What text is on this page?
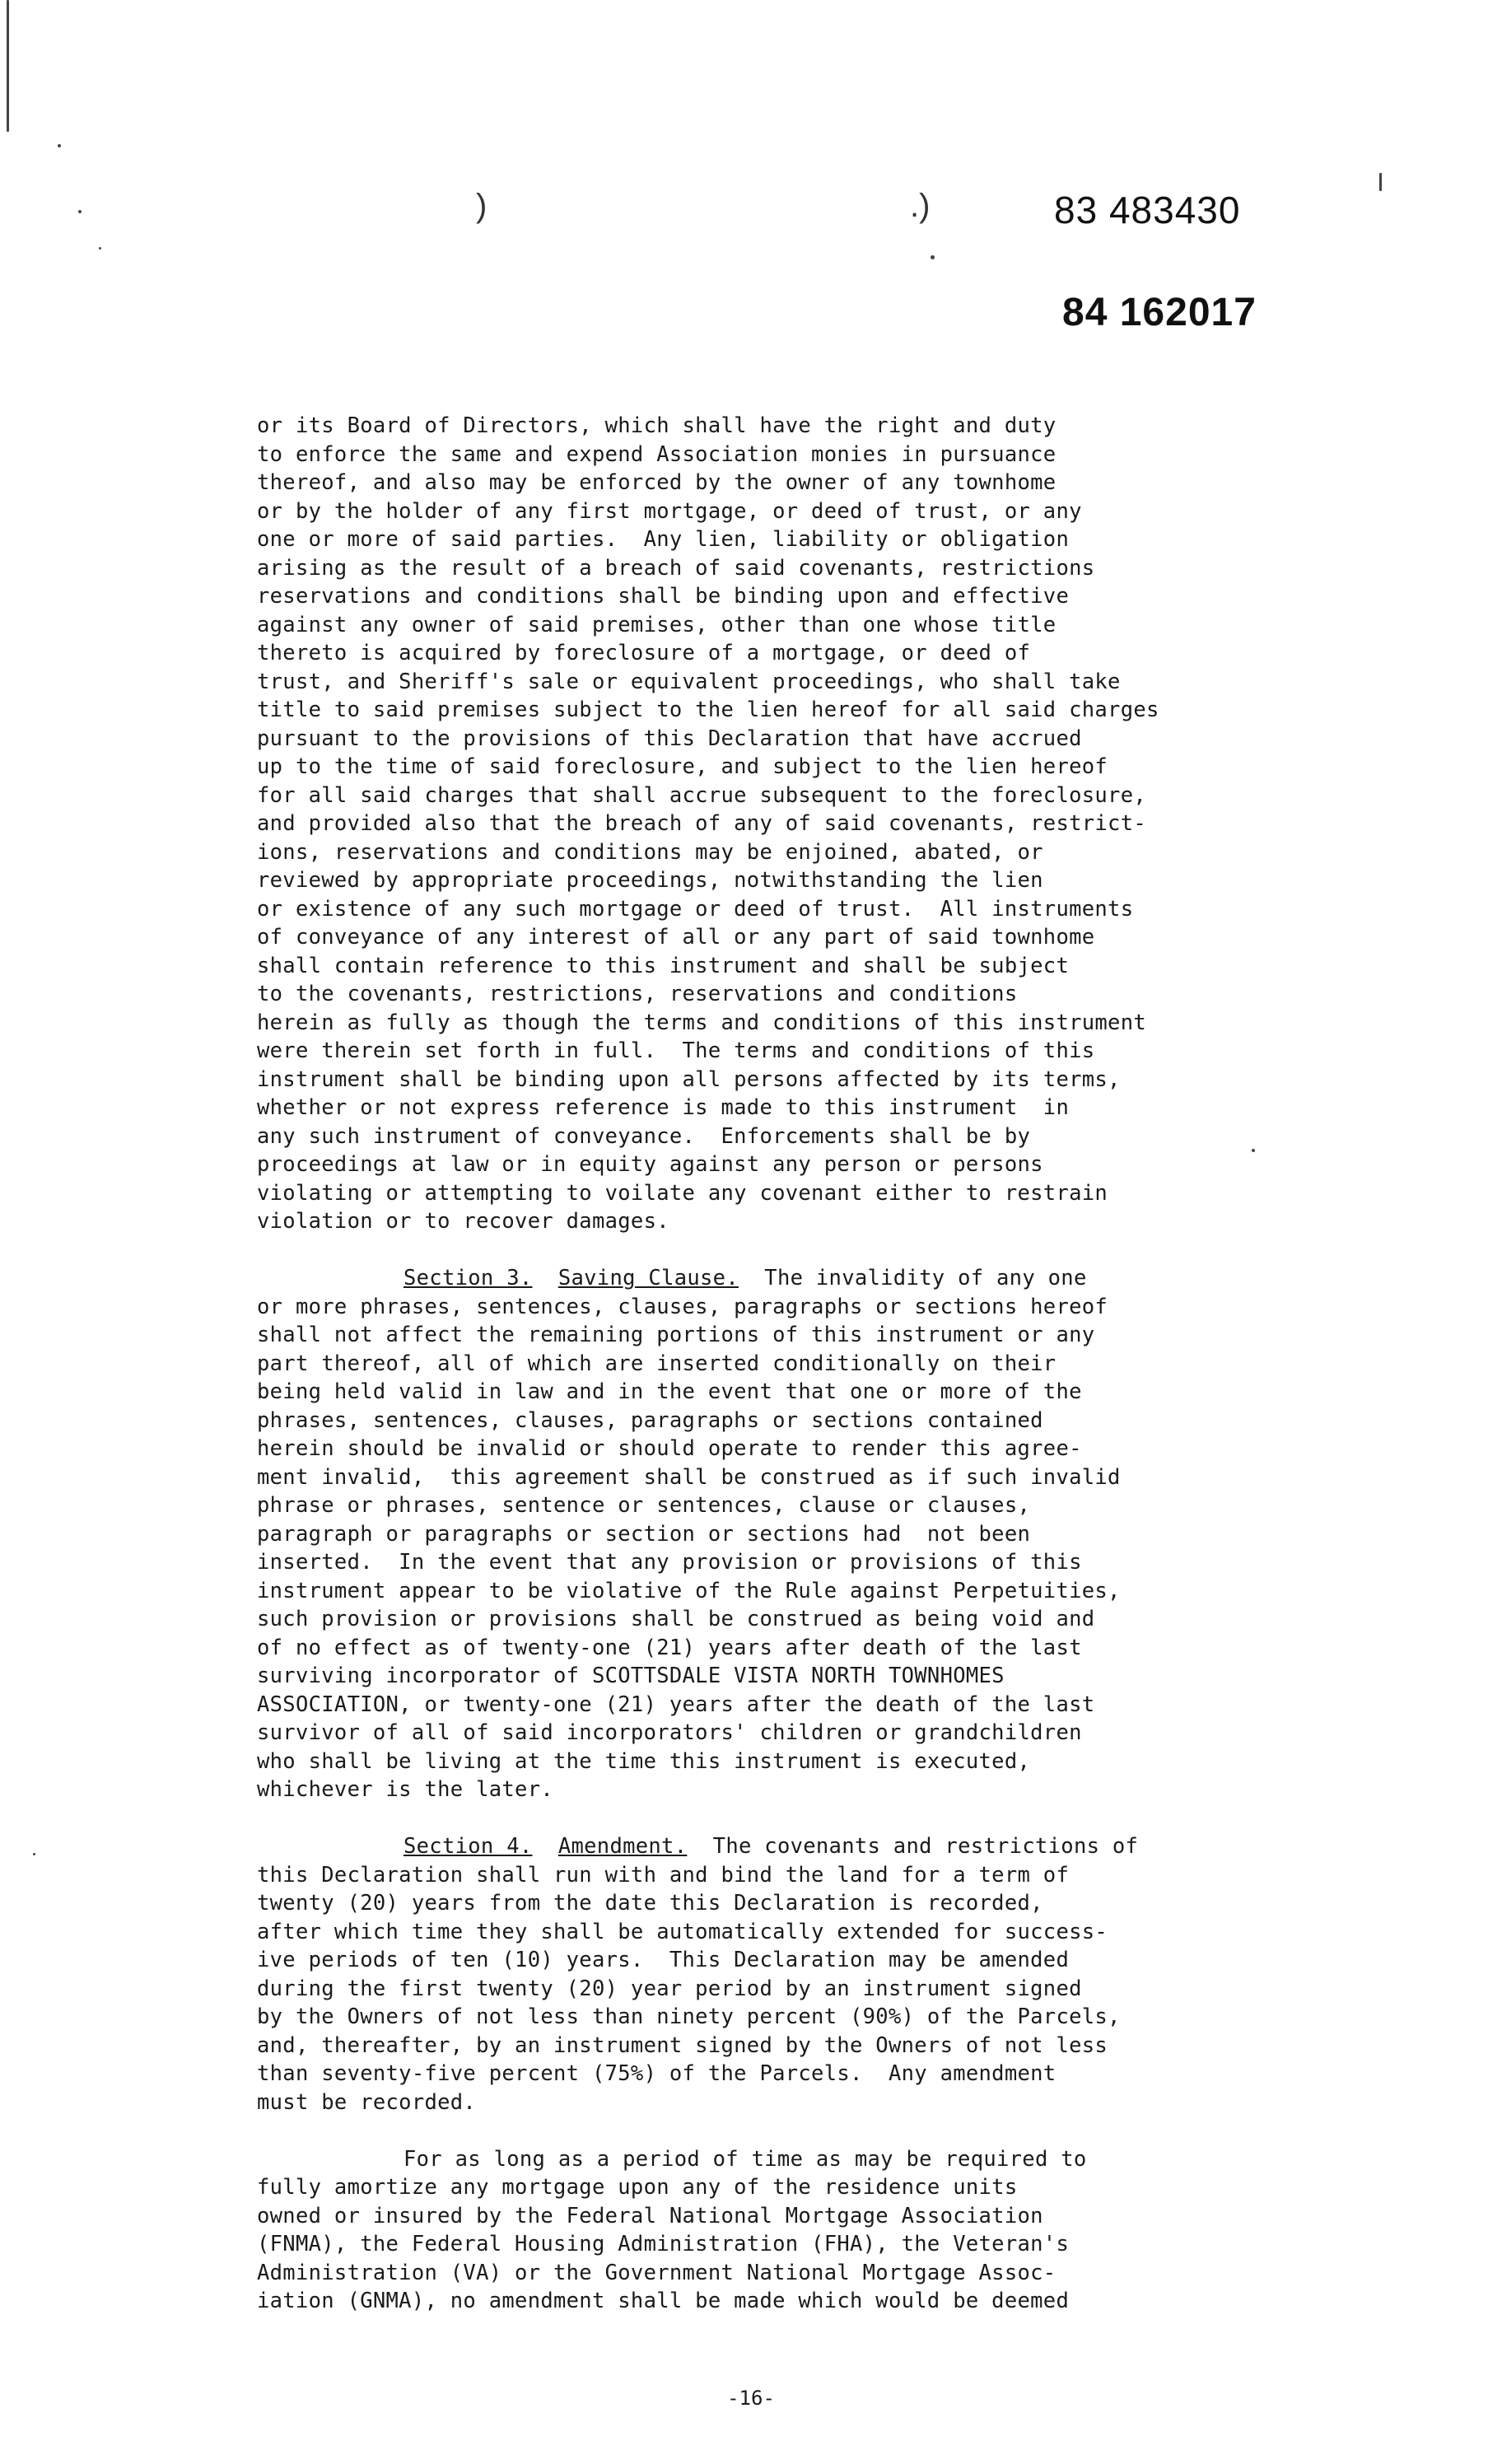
83 483430
84 162017
)	.)
or its Board of Directors, which shall have the right and duty
to enforce the same and expend Association monies in pursuance
thereof, and also may be enforced by the owner of any townhome
or by the holder of any first mortgage, or deed of trust, or any
one or more of said parties.  Any lien, liability or obligation
arising as the result of a breach of said covenants, restrictions
reservations and conditions shall be binding upon and effective
against any owner of said premises, other than one whose title
thereto is acquired by foreclosure of a mortgage, or deed of
trust, and Sheriff's sale or equivalent proceedings, who shall take
title to said premises subject to the lien hereof for all said charges
pursuant to the provisions of this Declaration that have accrued
up to the time of said foreclosure, and subject to the lien hereof
for all said charges that shall accrue subsequent to the foreclosure,
and provided also that the breach of any of said covenants, restrict-
ions, reservations and conditions may be enjoined, abated, or
reviewed by appropriate proceedings, notwithstanding the lien
or existence of any such mortgage or deed of trust.  All instruments
of conveyance of any interest of all or any part of said townhome
shall contain reference to this instrument and shall be subject
to the covenants, restrictions, reservations and conditions
herein as fully as though the terms and conditions of this instrument
were therein set forth in full.  The terms and conditions of this
instrument shall be binding upon all persons affected by its terms,
whether or not express reference is made to this instrument  in
any such instrument of conveyance.  Enforcements shall be by
proceedings at law or in equity against any person or persons
violating or attempting to voilate any covenant either to restrain
violation or to recover damages.
Section 3. Saving Clause.  The invalidity of any one
or more phrases, sentences, clauses, paragraphs or sections hereof
shall not affect the remaining portions of this instrument or any
part thereof, all of which are inserted conditionally on their
being held valid in law and in the event that one or more of the
phrases, sentences, clauses, paragraphs or sections contained
herein should be invalid or should operate to render this agree-
ment invalid,  this agreement shall be construed as if such invalid
phrase or phrases, sentence or sentences, clause or clauses,
paragraph or paragraphs or section or sections had  not been
inserted.  In the event that any provision or provisions of this
instrument appear to be violative of the Rule against Perpetuities,
such provision or provisions shall be construed as being void and
of no effect as of twenty-one (21) years after death of the last
surviving incorporator of SCOTTSDALE VISTA NORTH TOWNHOMES
ASSOCIATION, or twenty-one (21) years after the death of the last
survivor of all of said incorporators' children or grandchildren
who shall be living at the time this instrument is executed,
whichever is the later.
Section 4. Amendment.  The covenants and restrictions of
this Declaration shall run with and bind the land for a term of
twenty (20) years from the date this Declaration is recorded,
after which time they shall be automatically extended for success-
ive periods of ten (10) years.  This Declaration may be amended
during the first twenty (20) year period by an instrument signed
by the Owners of not less than ninety percent (90%) of the Parcels,
and, thereafter, by an instrument signed by the Owners of not less
than seventy-five percent (75%) of the Parcels.  Any amendment
must be recorded.
For as long as a period of time as may be required to
fully amortize any mortgage upon any of the residence units
owned or insured by the Federal National Mortgage Association
(FNMA), the Federal Housing Administration (FHA), the Veteran's
Administration (VA) or the Government National Mortgage Assoc-
iation (GNMA), no amendment shall be made which would be deemed
-16-
